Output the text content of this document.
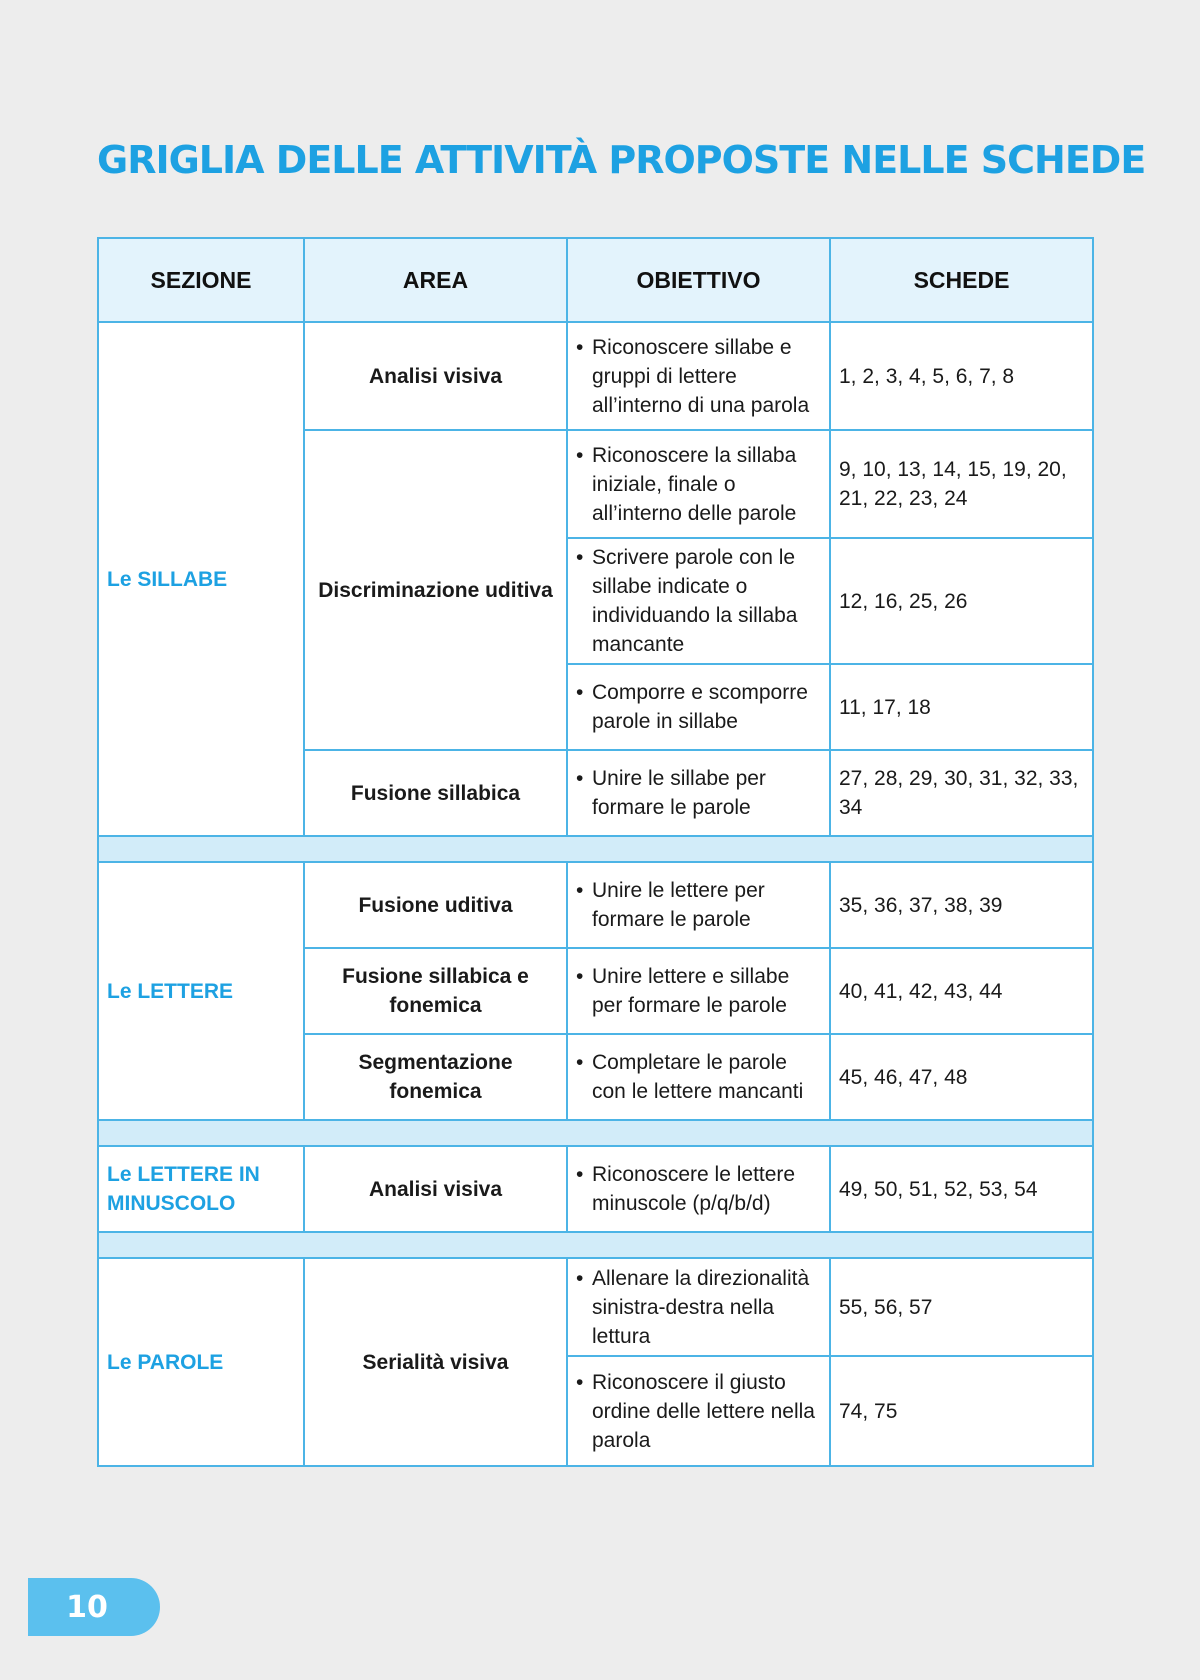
GRIGLIA DELLE ATTIVITÀ PROPOSTE NELLE SCHEDE
SEZIONE	AREA	OBIETTIVO	SCHEDE
Le SILLABE	Analisi visiva	• Riconoscere sillabe e gruppi di lettere all’interno di una parola	1, 2, 3, 4, 5, 6, 7, 8
	Discriminazione uditiva	• Riconoscere la sillaba iniziale, finale o all’interno delle parole	9, 10, 13, 14, 15, 19, 20, 21, 22, 23, 24

		• Scrivere parole con le sillabe indicate o individuando la sillaba mancante	12, 16, 25, 26

		• Comporre e scomporre parole in sillabe	11, 17, 18
	Fusione sillabica	• Unire le sillabe per formare le parole	27, 28, 29, 30, 31, 32, 33, 34

Le LETTERE	Fusione uditiva	• Unire le lettere per formare le parole	35, 36, 37, 38, 39
	Fusione sillabica e fonemica	• Unire lettere e sillabe per formare le parole	40, 41, 42, 43, 44
	Segmentazione fonemica	• Completare le parole con le lettere mancanti	45, 46, 47, 48

Le LETTERE IN MINUSCOLO	Analisi visiva	• Riconoscere le lettere minuscole (p/q/b/d)	49, 50, 51, 52, 53, 54

Le PAROLE	Serialità visiva	• Allenare la direzionalità sinistra-destra nella lettura	55, 56, 57

		• Riconoscere il giusto ordine delle lettere nella parola	74, 75
10
